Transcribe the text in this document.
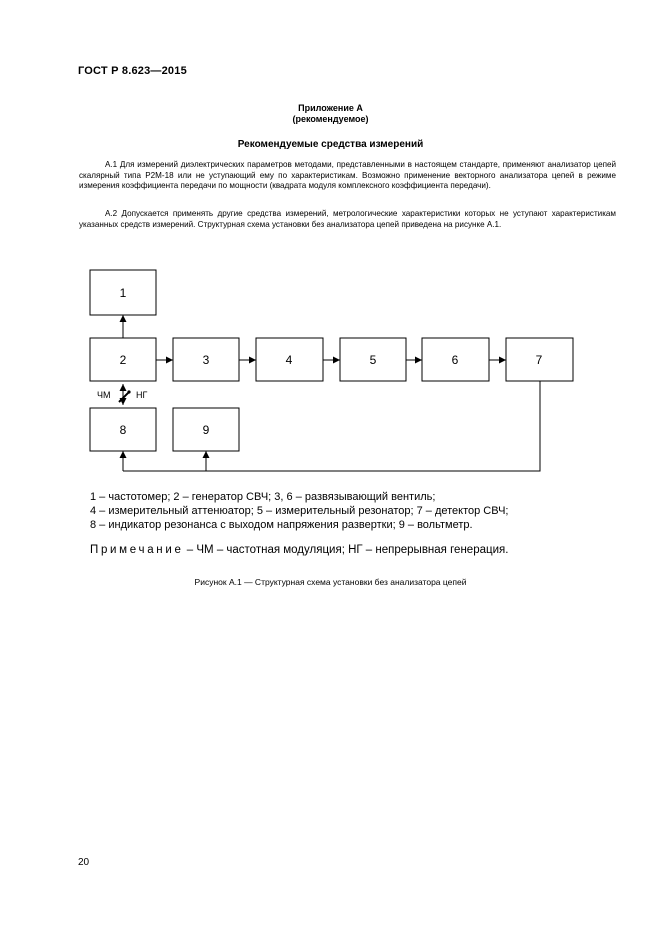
ГОСТ Р 8.623—2015
Приложение А
(рекомендуемое)
Рекомендуемые средства измерений

А.1 Для измерений диэлектрических параметров методами, представленными в настоящем стандарте, применяют анализатор цепей скалярный типа Р2М-18 или не уступающий ему по характеристикам. Возможно применение векторного анализатора цепей в режиме измерения коэффициента передачи по мощности (квадрата модуля комплексного коэффициента передачи).

А.2 Допускается применять другие средства измерений, метрологические характеристики которых не уступают характеристикам указанных средств измерений. Структурная схема установки без анализатора цепей приведена на рисунке А.1.

1
2	3	4	5	6	7
8	9
ЧМ	НГ
1 – частотомер; 2 – генератор СВЧ; 3, 6 – развязывающий вентиль;
4 – измерительный аттенюатор; 5 – измерительный резонатор; 7 – детектор СВЧ;
8 – индикатор резонанса с выходом напряжения развертки; 9 – вольтметр.
Примечание – ЧМ – частотная модуляция; НГ – непрерывная генерация.
Рисунок А.1 — Структурная схема установки без анализатора цепей
20
